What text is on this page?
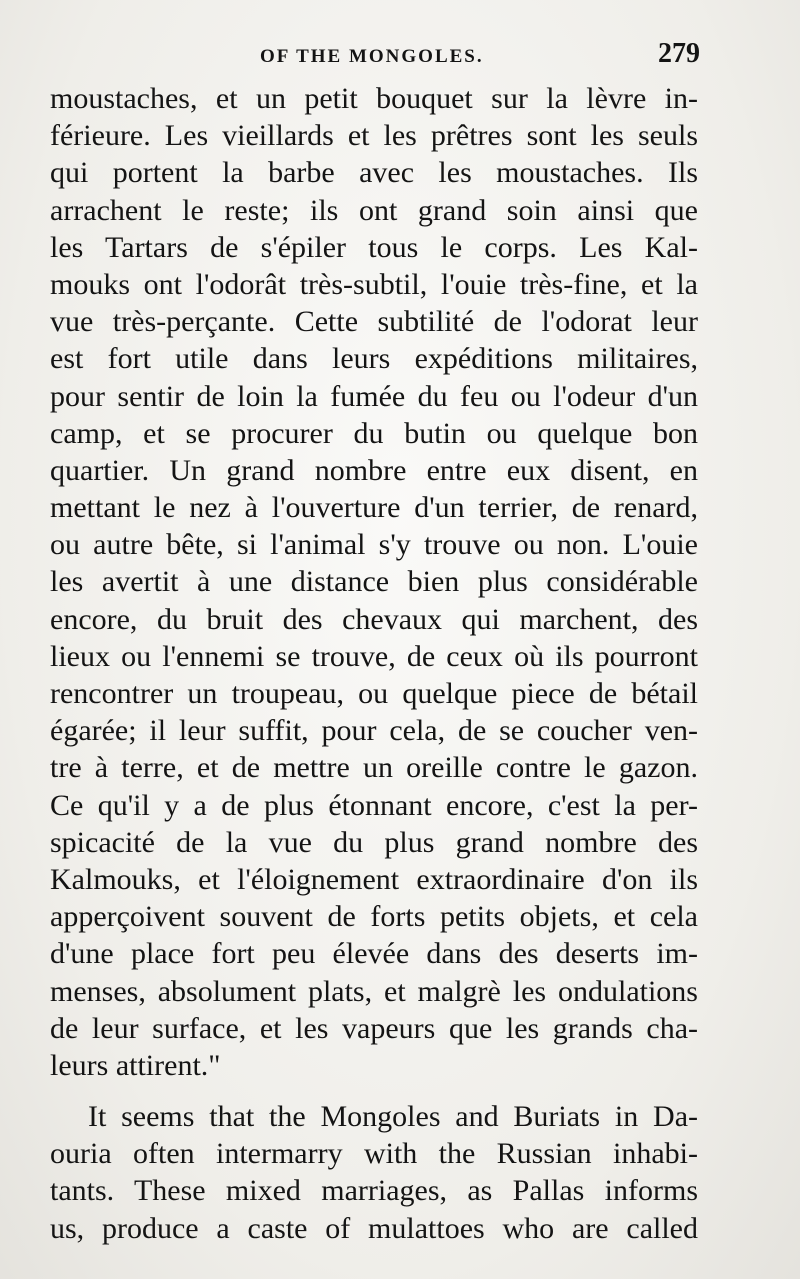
OF THE MONGOLES.	279
moustaches, et un petit bouquet sur la lèvre in-
férieure. Les vieillards et les prêtres sont les seuls
qui portent la barbe avec les moustaches. Ils
arrachent le reste; ils ont grand soin ainsi que
les Tartars de s'épiler tous le corps. Les Kal-
mouks ont l'odorât très-subtil, l'ouie très-fine, et la
vue très-perçante. Cette subtilité de l'odorat leur
est fort utile dans leurs expéditions militaires,
pour sentir de loin la fumée du feu ou l'odeur d'un
camp, et se procurer du butin ou quelque bon
quartier. Un grand nombre entre eux disent, en
mettant le nez à l'ouverture d'un terrier, de renard,
ou autre bête, si l'animal s'y trouve ou non. L'ouie
les avertit à une distance bien plus considérable
encore, du bruit des chevaux qui marchent, des
lieux ou l'ennemi se trouve, de ceux où ils pourront
rencontrer un troupeau, ou quelque piece de bétail
égarée; il leur suffit, pour cela, de se coucher ven-
tre à terre, et de mettre un oreille contre le gazon.
Ce qu'il y a de plus étonnant encore, c'est la per-
spicacité de la vue du plus grand nombre des
Kalmouks, et l'éloignement extraordinaire d'on ils
apperçoivent souvent de forts petits objets, et cela
d'une place fort peu élevée dans des deserts im-
menses, absolument plats, et malgrè les ondulations
de leur surface, et les vapeurs que les grands cha-
leurs attirent."
It seems that the Mongoles and Buriats in Da-
ouria often intermarry with the Russian inhabi-
tants. These mixed marriages, as Pallas informs
us, produce a caste of mulattoes who are called
